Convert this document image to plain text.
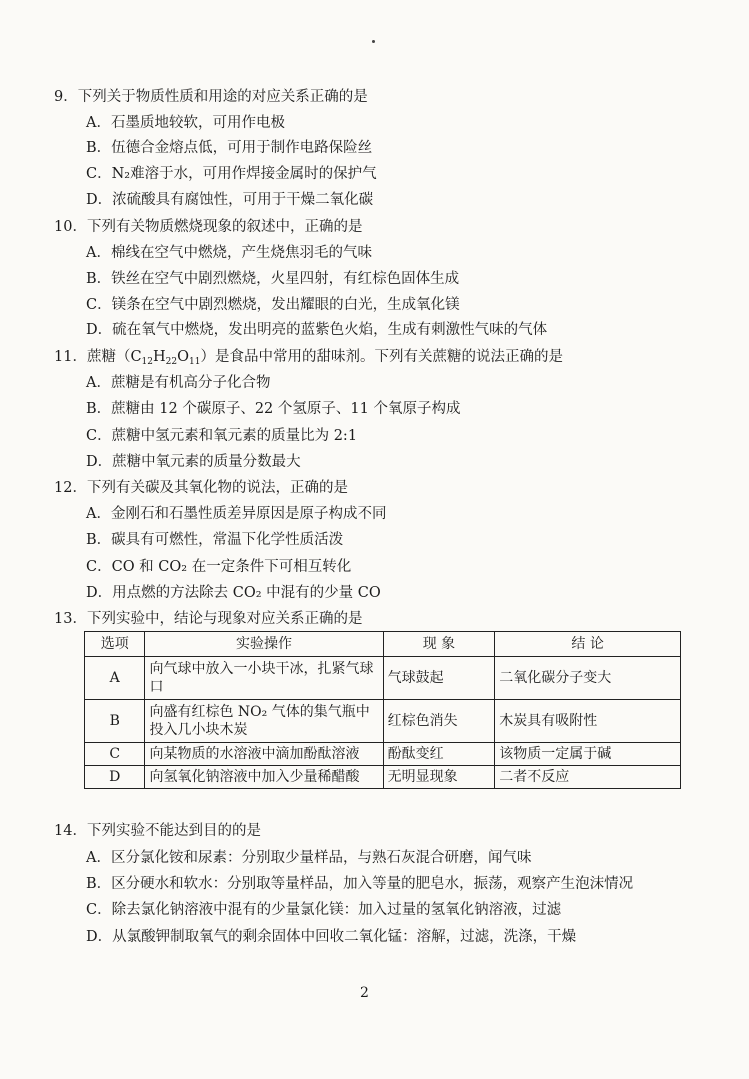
9．下列关于物质性质和用途的对应关系正确的是
A．石墨质地较软，可用作电极
B．伍德合金熔点低，可用于制作电路保险丝
C．N₂难溶于水，可用作焊接金属时的保护气
D．浓硫酸具有腐蚀性，可用于干燥二氧化碳
10．下列有关物质燃烧现象的叙述中，正确的是
A．棉线在空气中燃烧，产生烧焦羽毛的气味
B．铁丝在空气中剧烈燃烧，火星四射，有红棕色固体生成
C．镁条在空气中剧烈燃烧，发出耀眼的白光，生成氧化镁
D．硫在氧气中燃烧，发出明亮的蓝紫色火焰，生成有刺激性气味的气体
11．蔗糖$(C_{12}H_{22}O_{11})$是食品中常用的甜味剂。下列有关蔗糖的说法正确的是
A．蔗糖是有机高分子化合物
B．蔗糖由 12 个碳原子、22 个氢原子、11 个氧原子构成
C．蔗糖中氢元素和氧元素的质量比为 2:1
D．蔗糖中氧元素的质量分数最大
12．下列有关碳及其氧化物的说法，正确的是
A．金刚石和石墨性质差异原因是原子构成不同
B．碳具有可燃性，常温下化学性质活泼
C．CO 和 CO₂ 在一定条件下可相互转化
D．用点燃的方法除去 CO₂ 中混有的少量 CO
13．下列实验中，结论与现象对应关系正确的是
选项	实验操作	现 象	结 论
A	向气球中放入一小块干冰，扎紧气球口	气球鼓起	二氧化碳分子变大
B	向盛有红棕色 NO₂ 气体的集气瓶中投入几小块木炭	红棕色消失	木炭具有吸附性
C	向某物质的水溶液中滴加酚酞溶液	酚酞变红	该物质一定属于碱
D	向氢氧化钠溶液中加入少量稀醋酸	无明显现象	二者不反应
14．下列实验不能达到目的的是
A．区分氯化铵和尿素：分别取少量样品，与熟石灰混合研磨，闻气味
B．区分硬水和软水：分别取等量样品，加入等量的肥皂水，振荡，观察产生泡沫情况
C．除去氯化钠溶液中混有的少量氯化镁：加入过量的氢氧化钠溶液，过滤
D．从氯酸钾制取氧气的剩余固体中回收二氧化锰：溶解，过滤，洗涤，干燥
2
